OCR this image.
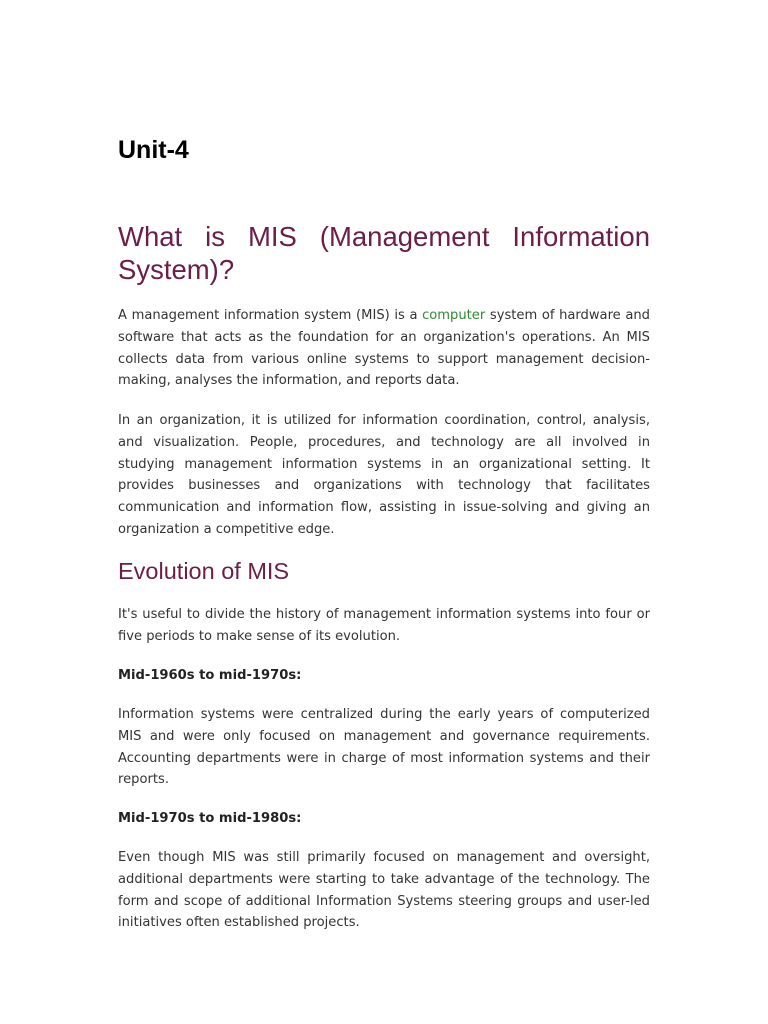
Unit-4
What is MIS (Management Information System)?

A management information system (MIS) is a computer system of hardware and software that acts as the foundation for an organization's operations. An MIS collects data from various online systems to support management decision-making, analyses the information, and reports data.

In an organization, it is utilized for information coordination, control, analysis, and visualization. People, procedures, and technology are all involved in studying management information systems in an organizational setting. It provides businesses and organizations with technology that facilitates communication and information flow, assisting in issue-solving and giving an organization a competitive edge.

Evolution of MIS

It's useful to divide the history of management information systems into four or five periods to make sense of its evolution.

Mid-1960s to mid-1970s:

Information systems were centralized during the early years of computerized MIS and were only focused on management and governance requirements. Accounting departments were in charge of most information systems and their reports.

Mid-1970s to mid-1980s:

Even though MIS was still primarily focused on management and oversight, additional departments were starting to take advantage of the technology. The form and scope of additional Information Systems steering groups and user-led initiatives often established projects.
